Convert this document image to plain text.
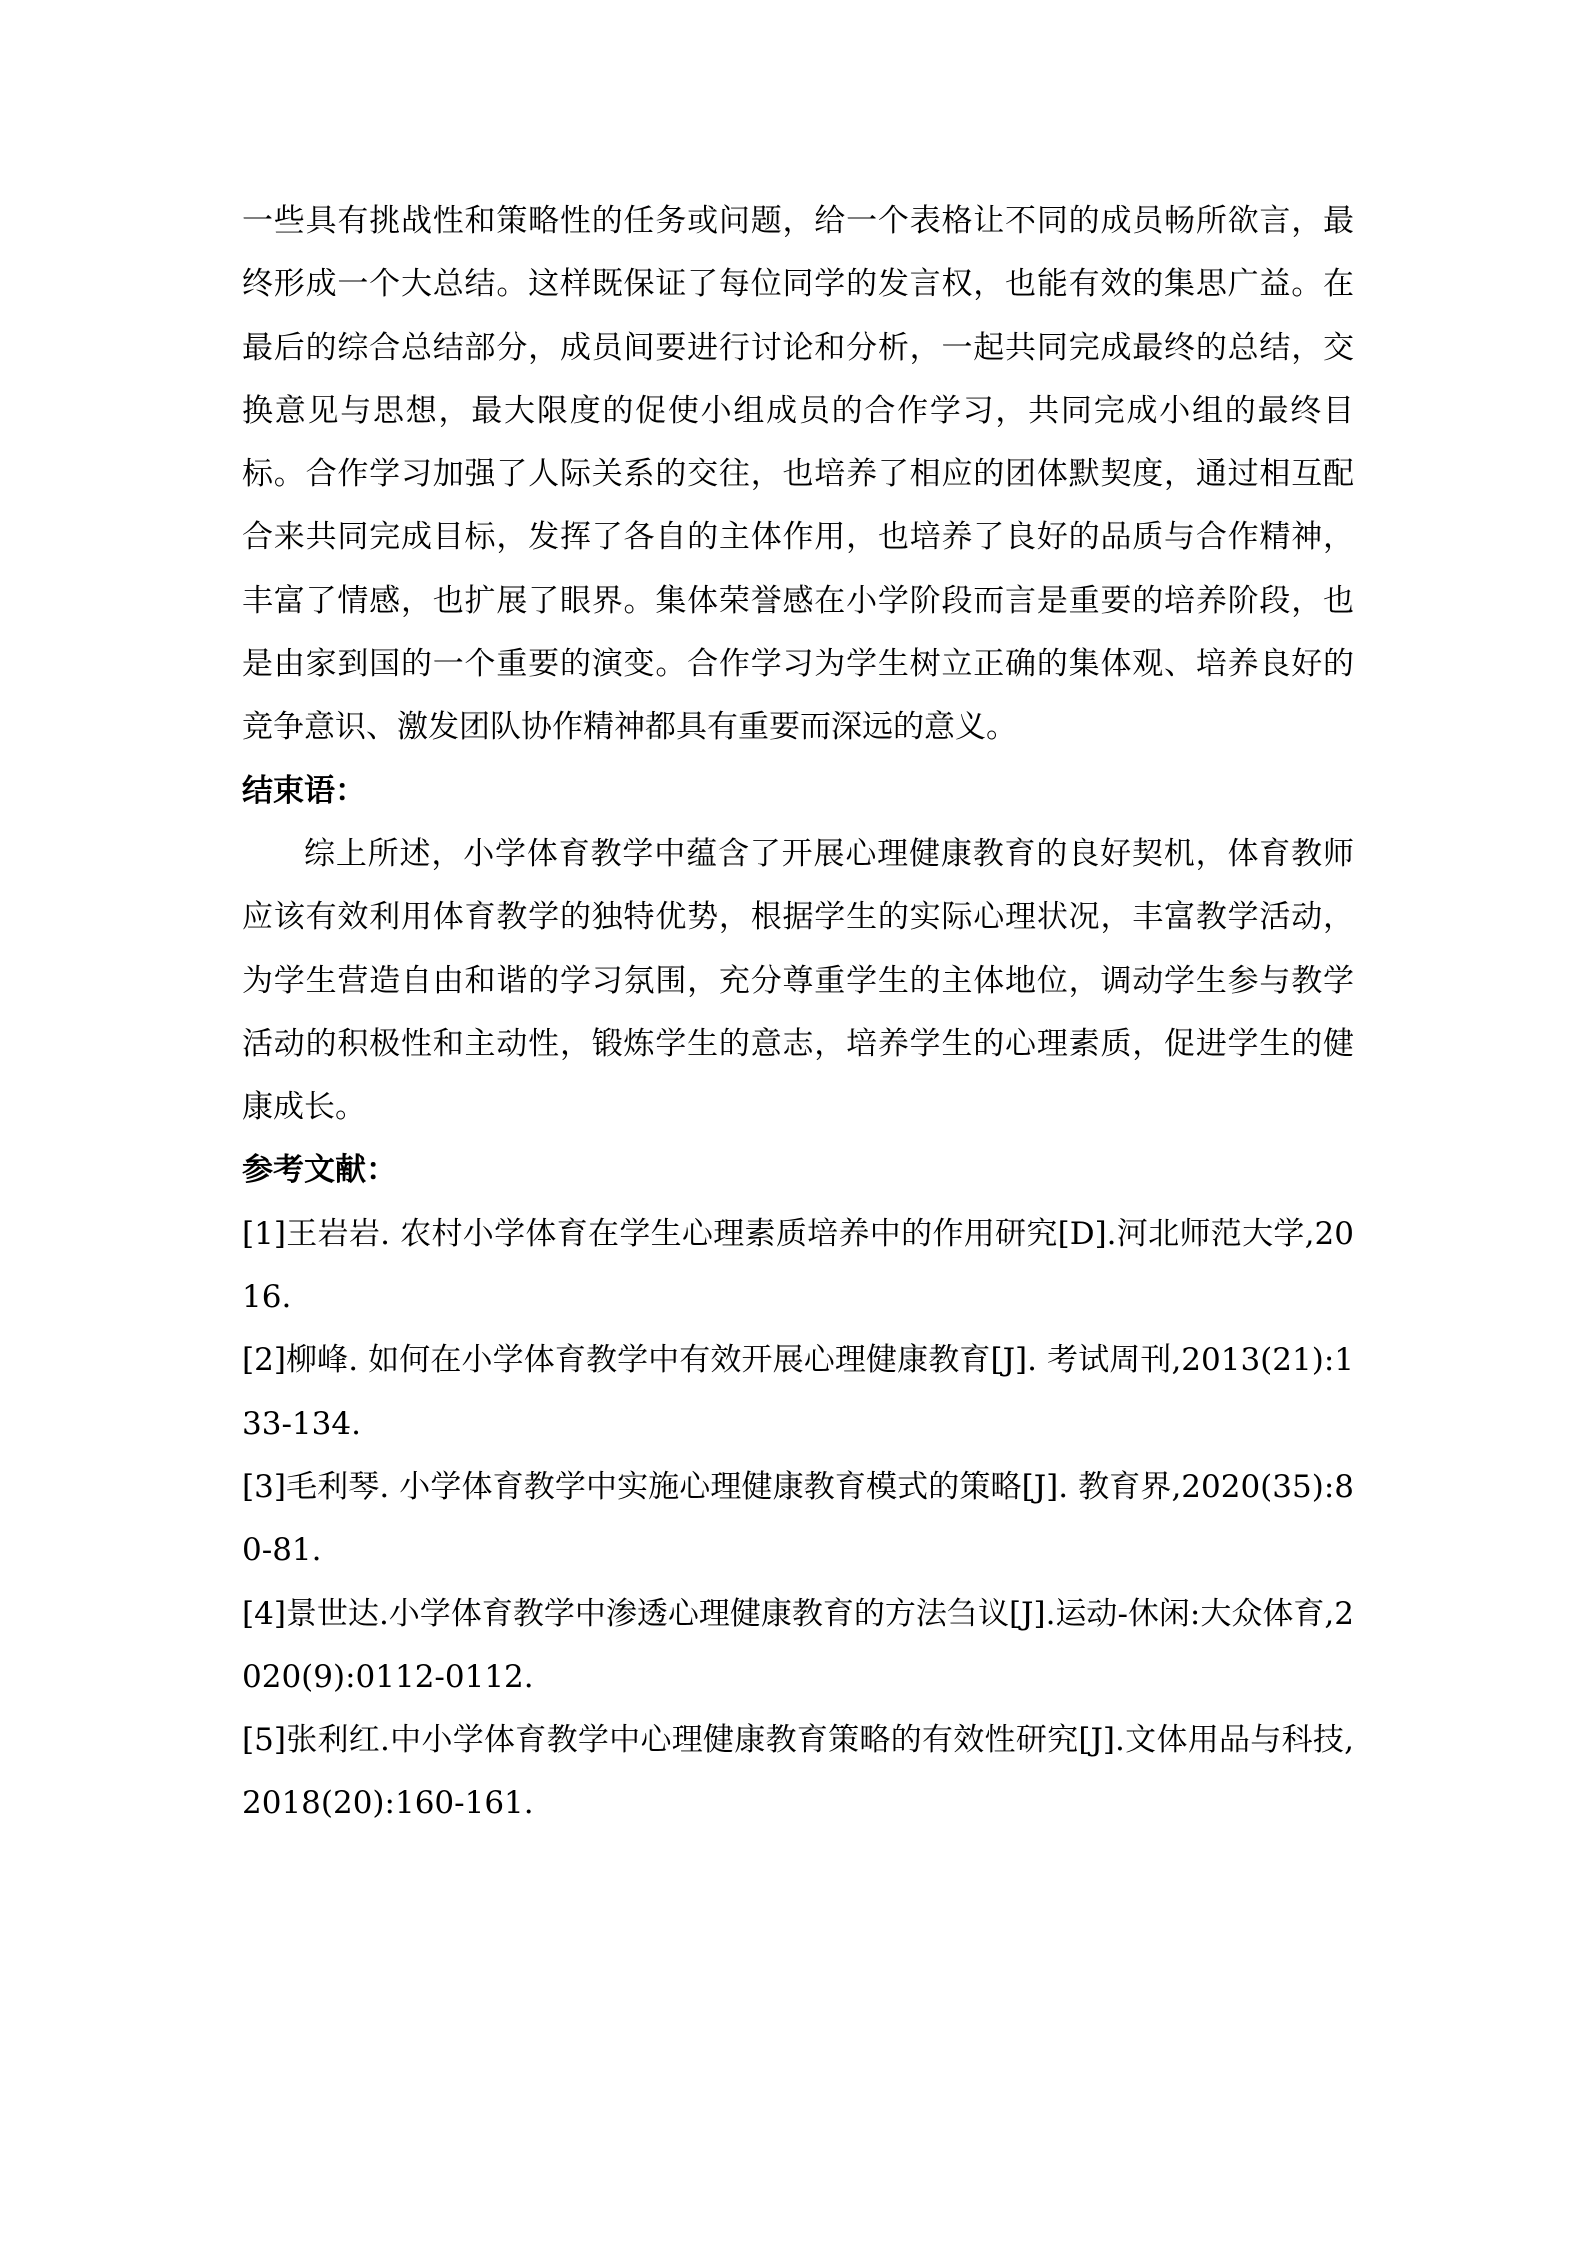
一些具有挑战性和策略性的任务或问题，给一个表格让不同的成员畅所欲言，最终形成一个大总结。这样既保证了每位同学的发言权，也能有效的集思广益。在最后的综合总结部分，成员间要进行讨论和分析，一起共同完成最终的总结，交换意见与思想，最大限度的促使小组成员的合作学习，共同完成小组的最终目标。合作学习加强了人际关系的交往，也培养了相应的团体默契度，通过相互配合来共同完成目标，发挥了各自的主体作用，也培养了良好的品质与合作精神，丰富了情感，也扩展了眼界。集体荣誉感在小学阶段而言是重要的培养阶段，也是由家到国的一个重要的演变。合作学习为学生树立正确的集体观、培养良好的竞争意识、激发团队协作精神都具有重要而深远的意义。

结束语：

综上所述，小学体育教学中蕴含了开展心理健康教育的良好契机，体育教师应该有效利用体育教学的独特优势，根据学生的实际心理状况，丰富教学活动，为学生营造自由和谐的学习氛围，充分尊重学生的主体地位，调动学生参与教学活动的积极性和主动性，锻炼学生的意志，培养学生的心理素质，促进学生的健康成长。

参考文献：
[1]王岩岩. 农村小学体育在学生心理素质培养中的作用研究[D].河北师范大学,2016.
[2]柳峰. 如何在小学体育教学中有效开展心理健康教育[J]. 考试周刊,2013(21):133-134.
[3]毛利琴. 小学体育教学中实施心理健康教育模式的策略[J]. 教育界,2020(35):80-81.
[4]景世达.小学体育教学中渗透心理健康教育的方法刍议[J].运动-休闲:大众体育,2020(9):0112-0112.
[5]张利红.中小学体育教学中心理健康教育策略的有效性研究[J].文体用品与科技,2018(20):160-161.
